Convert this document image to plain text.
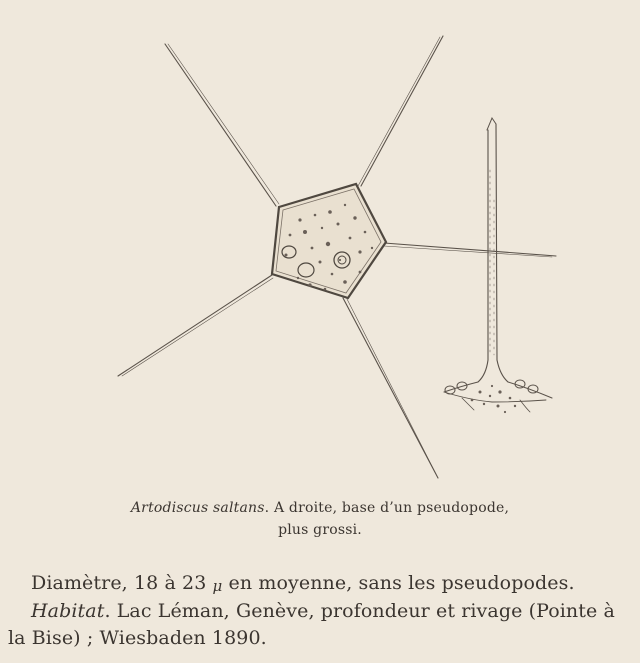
Artodiscus saltans. A droite, base d’un pseudopode,
plus grossi.
Diamètre, 18 à 23 μ en moyenne, sans les pseudopodes.
Habitat. Lac Léman, Genève, profondeur et rivage (Pointe à
la Bise) ; Wiesbaden 1890.
